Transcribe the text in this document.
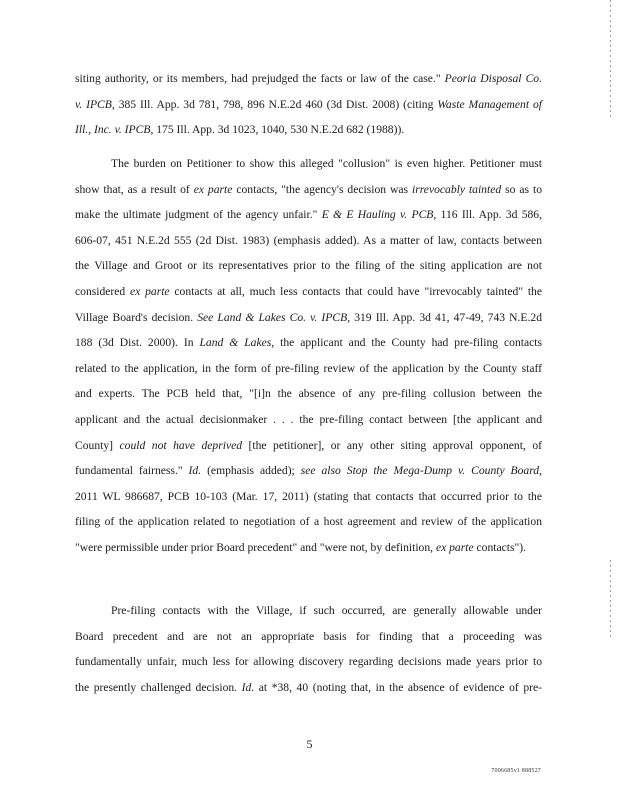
siting authority, or its members, had prejudged the facts or law of the case." Peoria Disposal Co.
v. IPCB, 385 Ill. App. 3d 781, 798, 896 N.E.2d 460 (3d Dist. 2008) (citing Waste Management of
Ill., Inc. v. IPCB, 175 Ill. App. 3d 1023, 1040, 530 N.E.2d 682 (1988)).

The burden on Petitioner to show this alleged "collusion" is even higher. Petitioner must
show that, as a result of ex parte contacts, "the agency's decision was irrevocably tainted so as to
make the ultimate judgment of the agency unfair." E & E Hauling v. PCB, 116 Ill. App. 3d 586,
606-07, 451 N.E.2d 555 (2d Dist. 1983) (emphasis added). As a matter of law, contacts between
the Village and Groot or its representatives prior to the filing of the siting application are not
considered ex parte contacts at all, much less contacts that could have "irrevocably tainted" the
Village Board's decision. See Land & Lakes Co. v. IPCB, 319 Ill. App. 3d 41, 47-49, 743 N.E.2d
188 (3d Dist. 2000). In Land & Lakes, the applicant and the County had pre-filing contacts
related to the application, in the form of pre-filing review of the application by the County staff
and experts. The PCB held that, "[i]n the absence of any pre-filing collusion between the
applicant and the actual decisionmaker . . . the pre-filing contact between [the applicant and
County] could not have deprived [the petitioner], or any other siting approval opponent, of
fundamental fairness." Id. (emphasis added); see also Stop the Mega-Dump v. County Board,
2011 WL 986687, PCB 10-103 (Mar. 17, 2011) (stating that contacts that occurred prior to the
filing of the application related to negotiation of a host agreement and review of the application
"were permissible under prior Board precedent" and "were not, by definition, ex parte contacts").

Pre-filing contacts with the Village, if such occurred, are generally allowable under
Board precedent and are not an appropriate basis for finding that a proceeding was
fundamentally unfair, much less for allowing discovery regarding decisions made years prior to
the presently challenged decision. Id. at *38, 40 (noting that, in the absence of evidence of pre-

5
7006685v1 888527
